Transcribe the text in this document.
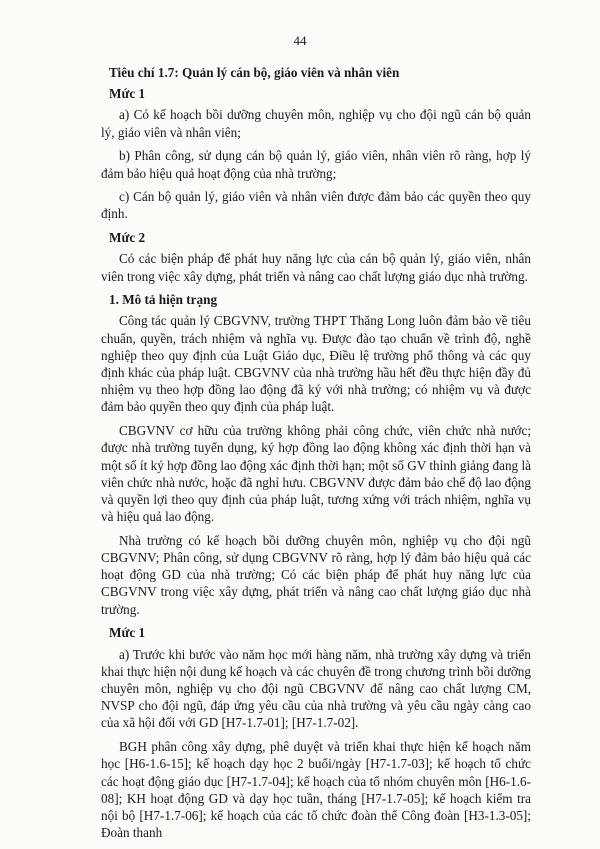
44

Tiêu chí 1.7: Quản lý cán bộ, giáo viên và nhân viên

Mức 1

a) Có kế hoạch bồi dưỡng chuyên môn, nghiệp vụ cho đội ngũ cán bộ quản lý, giáo viên và nhân viên;

b) Phân công, sử dụng cán bộ quản lý, giáo viên, nhân viên rõ ràng, hợp lý đảm bảo hiệu quả hoạt động của nhà trường;

c) Cán bộ quản lý, giáo viên và nhân viên được đảm bảo các quyền theo quy định.

Mức 2

Có các biện pháp để phát huy năng lực của cán bộ quản lý, giáo viên, nhân viên trong việc xây dựng, phát triển và nâng cao chất lượng giáo dục nhà trường.

1. Mô tả hiện trạng

Công tác quản lý CBGVNV, trường THPT Thăng Long luôn đảm bảo về tiêu chuẩn, quyền, trách nhiệm và nghĩa vụ. Được đào tạo chuẩn về trình độ, nghề nghiệp theo quy định của Luật Giáo dục, Điều lệ trường phổ thông và các quy định khác của pháp luật. CBGVNV của nhà trường hầu hết đều thực hiện đầy đủ nhiệm vụ theo hợp đồng lao động đã ký với nhà trường; có nhiệm vụ và được đảm bảo quyền theo quy định của pháp luật.

CBGVNV cơ hữu của trường không phải công chức, viên chức nhà nước; được nhà trường tuyển dụng, ký hợp đồng lao động không xác định thời hạn và một số ít ký hợp đồng lao động xác định thời hạn; một số GV thỉnh giảng đang là viên chức nhà nước, hoặc đã nghỉ hưu. CBGVNV được đảm bảo chế độ lao động và quyền lợi theo quy định của pháp luật, tương xứng với trách nhiệm, nghĩa vụ và hiệu quả lao động.

Nhà trường có kế hoạch bồi dưỡng chuyên môn, nghiệp vụ cho đội ngũ CBGVNV; Phân công, sử dụng CBGVNV rõ ràng, hợp lý đảm bảo hiệu quả các hoạt động GD của nhà trường; Có các biện pháp để phát huy năng lực của CBGVNV trong việc xây dựng, phát triển và nâng cao chất lượng giáo dục nhà trường.

Mức 1

a) Trước khi bước vào năm học mới hàng năm, nhà trường xây dựng và triển khai thực hiện nội dung kế hoạch và các chuyên đề trong chương trình bồi dưỡng chuyên môn, nghiệp vụ cho đội ngũ CBGVNV để nâng cao chất lượng CM, NVSP cho đội ngũ, đáp ứng yêu cầu của nhà trường và yêu cầu ngày càng cao của xã hội đối với GD [H7-1.7-01]; [H7-1.7-02].

BGH phân công xây dựng, phê duyệt và triển khai thực hiện kế hoạch năm học [H6-1.6-15]; kế hoạch dạy học 2 buổi/ngày [H7-1.7-03]; kế hoạch tổ chức các hoạt động giáo dục [H7-1.7-04]; kế hoạch của tổ nhóm chuyên môn [H6-1.6-08]; KH hoạt động GD và dạy học tuần, tháng [H7-1.7-05]; kế hoạch kiểm tra nội bộ [H7-1.7-06]; kế hoạch của các tổ chức đoàn thể Công đoàn [H3-1.3-05]; Đoàn thanh
